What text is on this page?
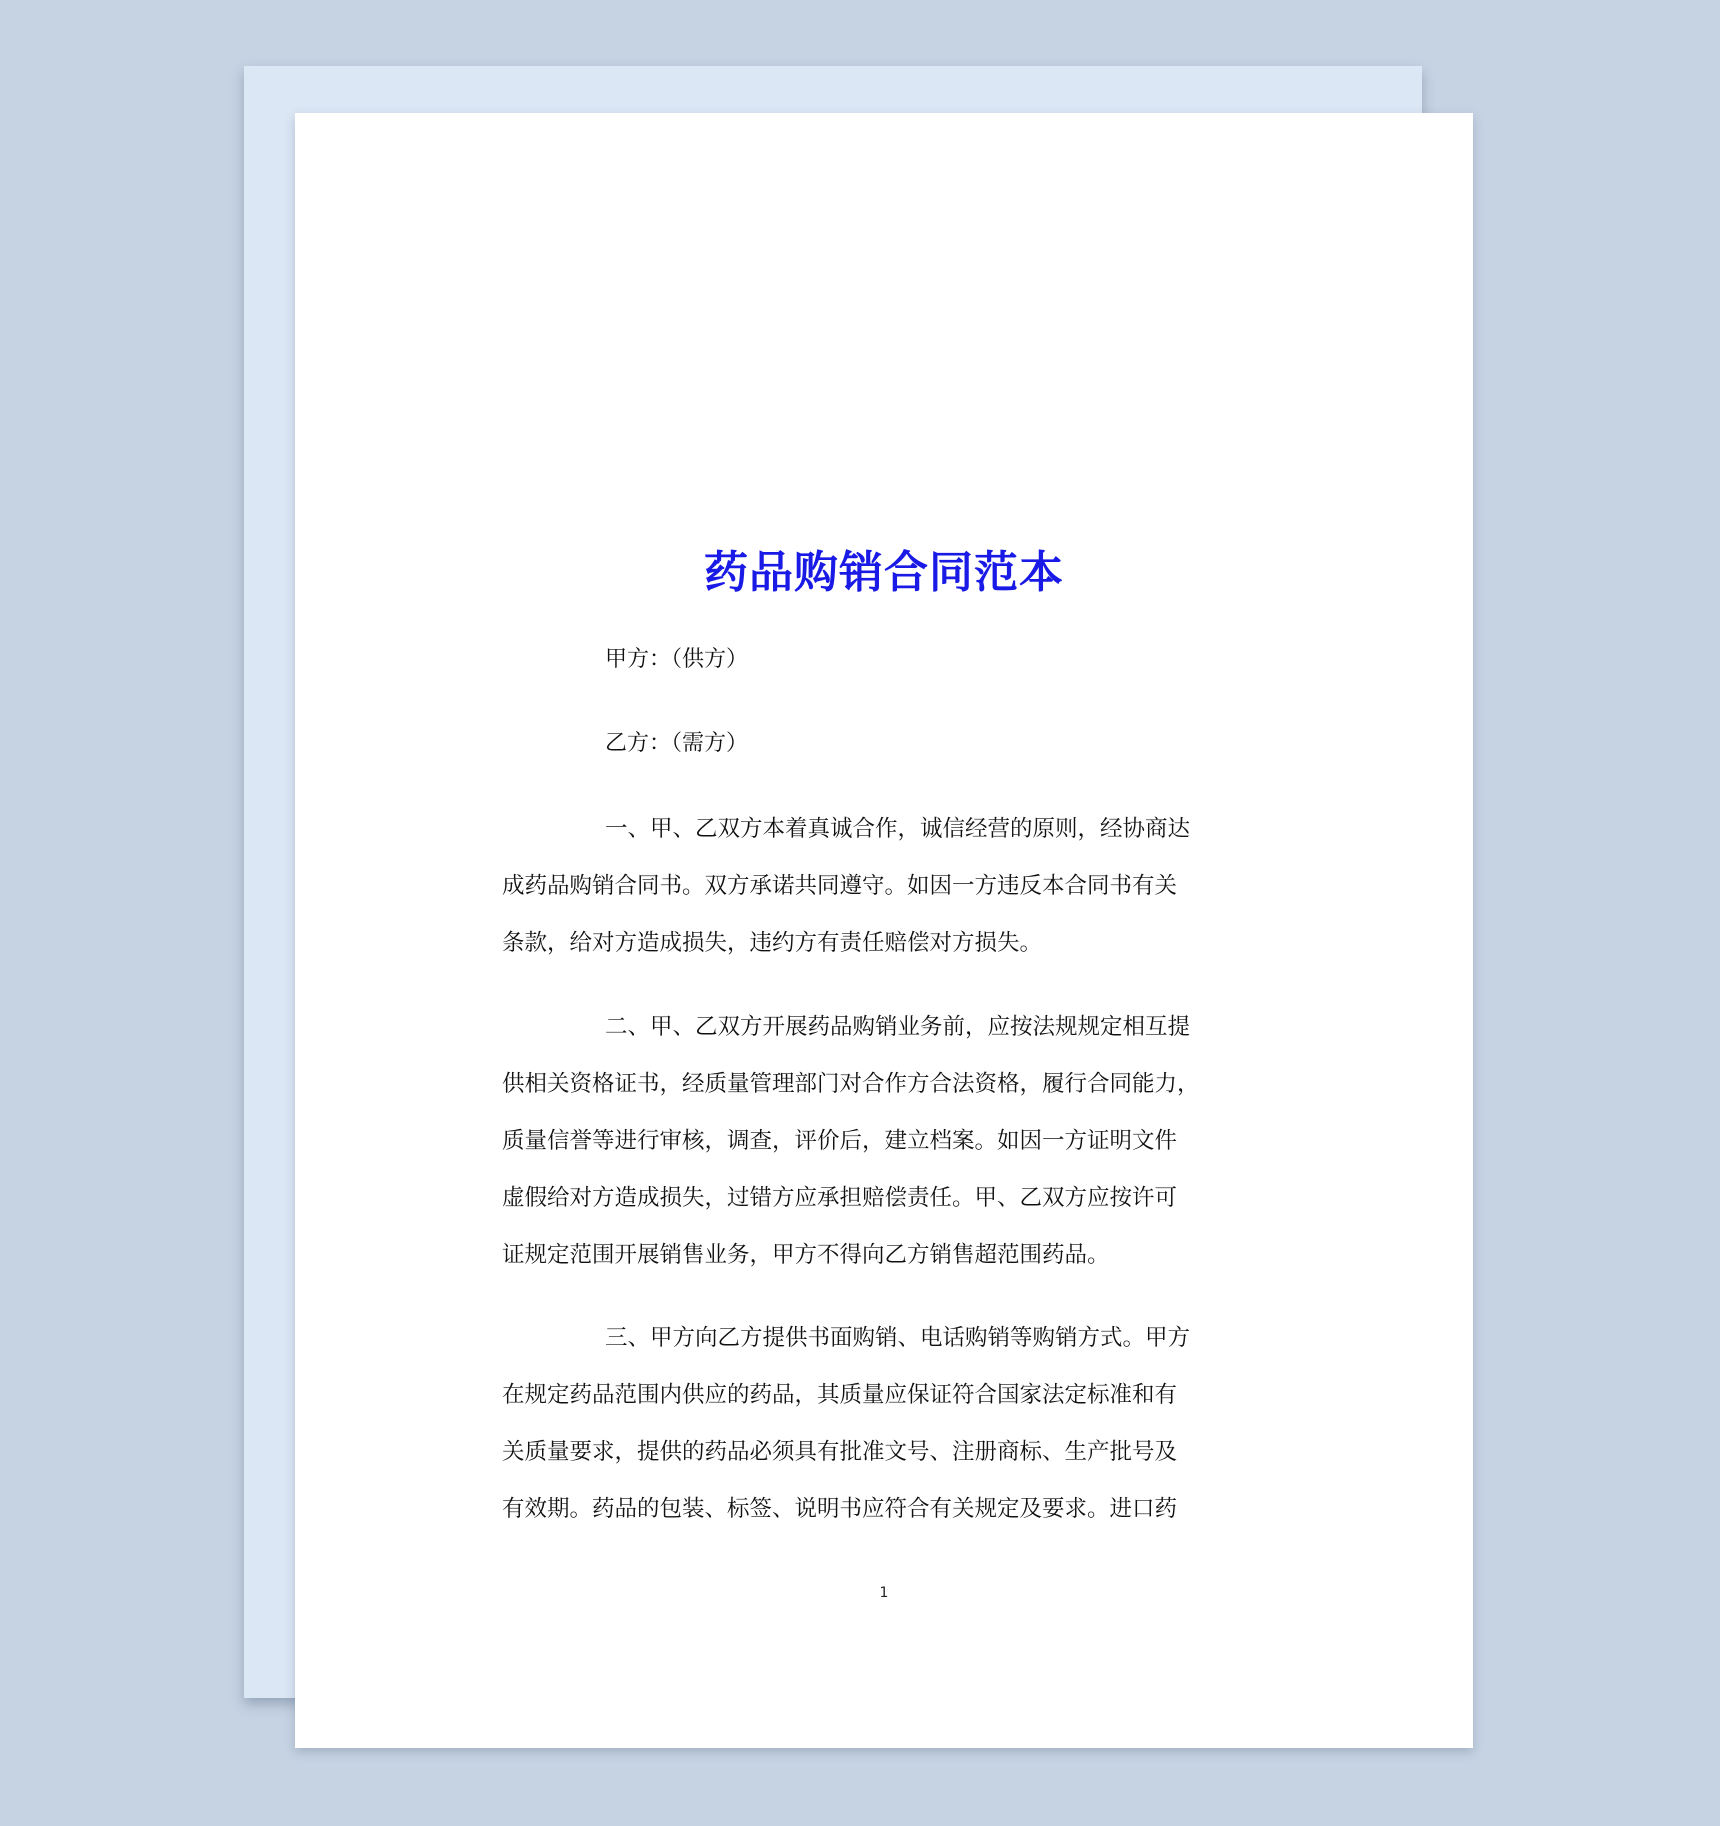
药品购销合同范本

甲方：（供方）

乙方：（需方）

一、甲、乙双方本着真诚合作，诚信经营的原则，经协商达
成药品购销合同书。双方承诺共同遵守。如因一方违反本合同书有关
条款，给对方造成损失，违约方有责任赔偿对方损失。
二、甲、乙双方开展药品购销业务前，应按法规规定相互提
供相关资格证书，经质量管理部门对合作方合法资格，履行合同能力，
质量信誉等进行审核，调查，评价后，建立档案。如因一方证明文件
虚假给对方造成损失，过错方应承担赔偿责任。甲、乙双方应按许可
证规定范围开展销售业务，甲方不得向乙方销售超范围药品。
三、甲方向乙方提供书面购销、电话购销等购销方式。甲方
在规定药品范围内供应的药品，其质量应保证符合国家法定标准和有
关质量要求，提供的药品必须具有批准文号、注册商标、生产批号及
有效期。药品的包装、标签、说明书应符合有关规定及要求。进口药

1
